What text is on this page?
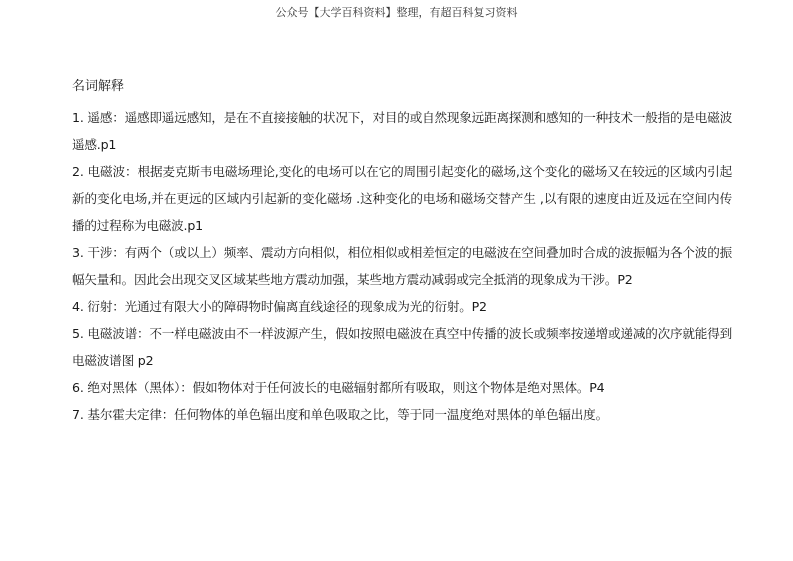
公众号【大学百科资料】整理，有超百科复习资料
名词解释
1. 遥感：遥感即遥远感知，是在不直接接触的状况下，对目的或自然现象远距离探测和感知的一种技术一般指的是电磁波遥感.p1
2. 电磁波：根据麦克斯韦电磁场理论,变化的电场可以在它的周围引起变化的磁场,这个变化的磁场又在较远的区域内引起新的变化电场,并在更远的区域内引起新的变化磁场 .这种变化的电场和磁场交替产生 ,以有限的速度由近及远在空间内传播的过程称为电磁波.p1
3. 干涉：有两个（或以上）频率、震动方向相似，相位相似或相差恒定的电磁波在空间叠加时合成的波振幅为各个波的振幅矢量和。因此会出现交叉区域某些地方震动加强，某些地方震动减弱或完全抵消的现象成为干涉。P2
4. 衍射：光通过有限大小的障碍物时偏离直线途径的现象成为光的衍射。P2
5. 电磁波谱：不一样电磁波由不一样波源产生，假如按照电磁波在真空中传播的波长或频率按递增或递减的次序就能得到电磁波谱图 p2
6. 绝对黑体（黑体）：假如物体对于任何波长的电磁辐射都所有吸取，则这个物体是绝对黑体。P4
7. 基尔霍夫定律：任何物体的单色辐出度和单色吸取之比，等于同一温度绝对黑体的单色辐出度。
